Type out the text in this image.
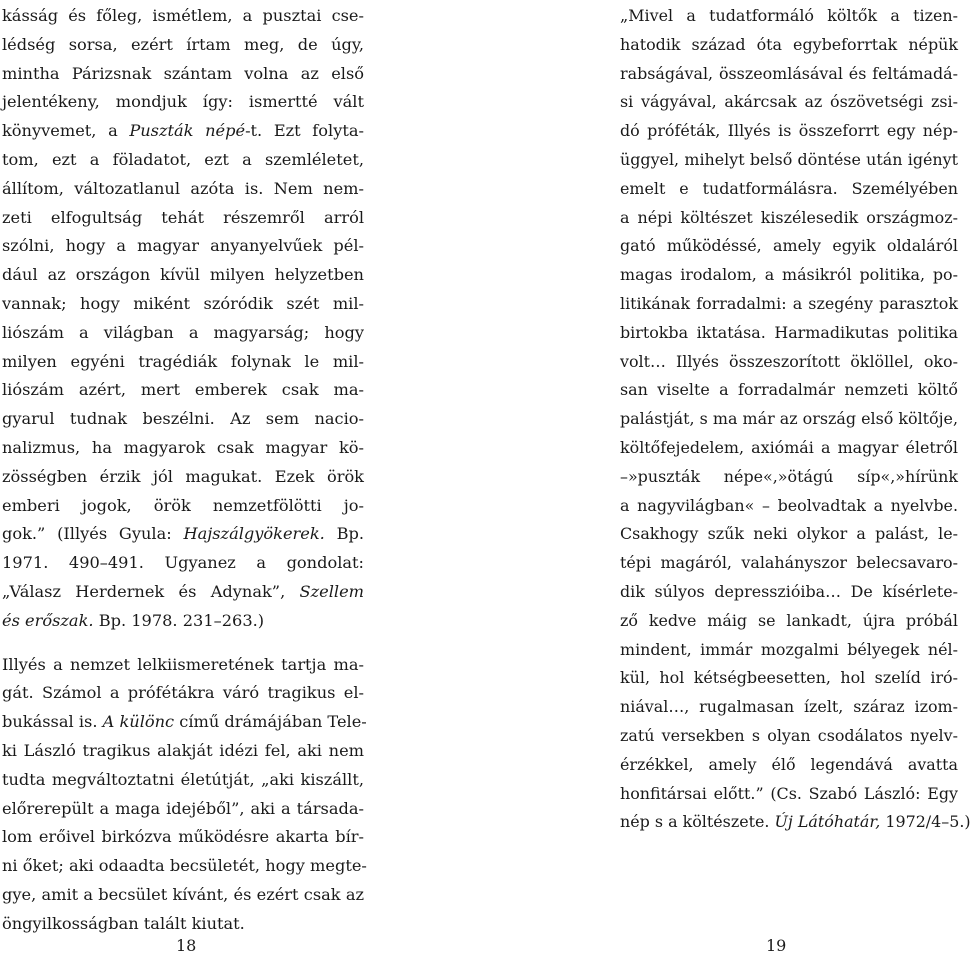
kásság és főleg, ismétlem, a pusztai cse-
lédség sorsa, ezért írtam meg, de úgy,
mintha Párizsnak szántam volna az első
jelentékeny, mondjuk így: ismertté vált
könyvemet, a Puszták népé-t. Ezt folyta-
tom, ezt a föladatot, ezt a szemléletet,
állítom, változatlanul azóta is. Nem nem-
zeti elfogultság tehát részemről arról
szólni, hogy a magyar anyanyelvűek pél-
dául az országon kívül milyen helyzetben
vannak; hogy miként szóródik szét mil-
liószám a világban a magyarság; hogy
milyen egyéni tragédiák folynak le mil-
liószám azért, mert emberek csak ma-
gyarul tudnak beszélni. Az sem nacio-
nalizmus, ha magyarok csak magyar kö-
zösségben érzik jól magukat. Ezek örök
emberi jogok, örök nemzetfölötti jo-
gok.” (Illyés Gyula: Hajszálgyökerek. Bp.
1971. 490–491. Ugyanez a gondolat:
„Válasz Herdernek és Adynak”, Szellem
és erőszak. Bp. 1978. 231–263.)
Illyés a nemzet lelkiismeretének tartja ma-
gát. Számol a prófétákra váró tragikus el-
bukással is. A különc című drámájában Tele-
ki László tragikus alakját idézi fel, aki nem
tudta megváltoztatni életútját, „aki kiszállt,
előrerepült a maga idejéből”, aki a társada-
lom erőivel birkózva működésre akarta bír-
ni őket; aki odaadta becsületét, hogy megte-
gye, amit a becsület kívánt, és ezért csak az
öngyilkosságban talált kiutat.
„Mivel a tudatformáló költők a tizen-
hatodik század óta egybeforrtak népük
rabságával, összeomlásával és feltámadá-
si vágyával, akárcsak az ószövetségi zsi-
dó próféták, Illyés is összeforrt egy nép-
üggyel, mihelyt belső döntése után igényt
emelt e tudatformálásra. Személyében
a népi költészet kiszélesedik országmoz-
gató működéssé, amely egyik oldaláról
magas irodalom, a másikról politika, po-
litikának forradalmi: a szegény parasztok
birtokba iktatása. Harmadikutas politika
volt… Illyés összeszorított öklöllel, oko-
san viselte a forradalmár nemzeti költő
palástját, s ma már az ország első költője,
költőfejedelem, axiómái a magyar életről
–»puszták népe«,»ötágú síp«,»hírünk
a nagyvilágban« – beolvadtak a nyelvbe.
Csakhogy szűk neki olykor a palást, le-
tépi magáról, valahányszor belecsavaro-
dik súlyos depresszióiba… De kísérlete-
ző kedve máig se lankadt, újra próbál
mindent, immár mozgalmi bélyegek nél-
kül, hol kétségbeesetten, hol szelíd iró-
niával…, rugalmasan ízelt, száraz izom-
zatú versekben s olyan csodálatos nyelv-
érzékkel, amely élő legendává avatta
honfitársai előtt.” (Cs. Szabó László: Egy
nép s a költészete. Új Látóhatár, 1972/4–5.)
18	19
